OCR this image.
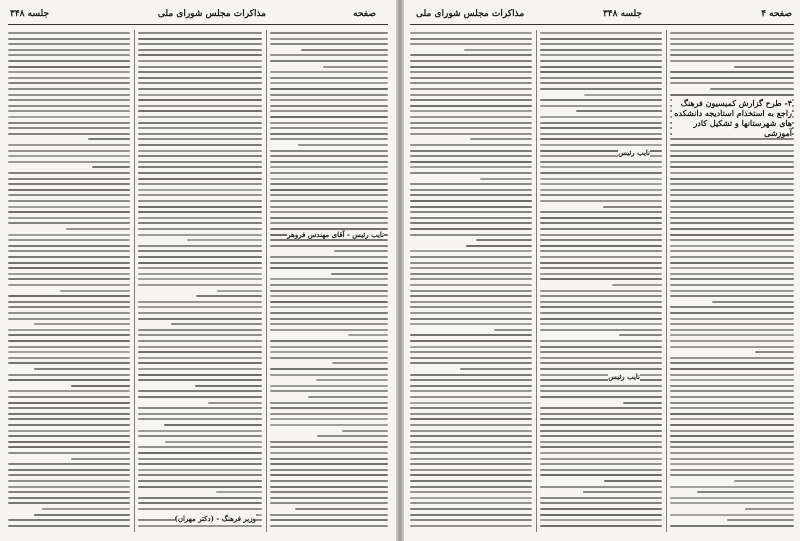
مذاکرات مجلس شورای ملی	صفحه
جلسه ۳۴۸
نایب رئیس - آقای مهندس فروهر
وزیر فرهنگ - (دکتر مهران)
صفحه ۴
جلسه ۳۴۸
مذاکرات مجلس شورای ملی
۴- طرح گزارش کمیسیون فرهنگ راجع به استخدام استادیجه دانشکده های شهرستانها و تشکیل کادر آموزشی
نایب رئیس
نایب رئیس
